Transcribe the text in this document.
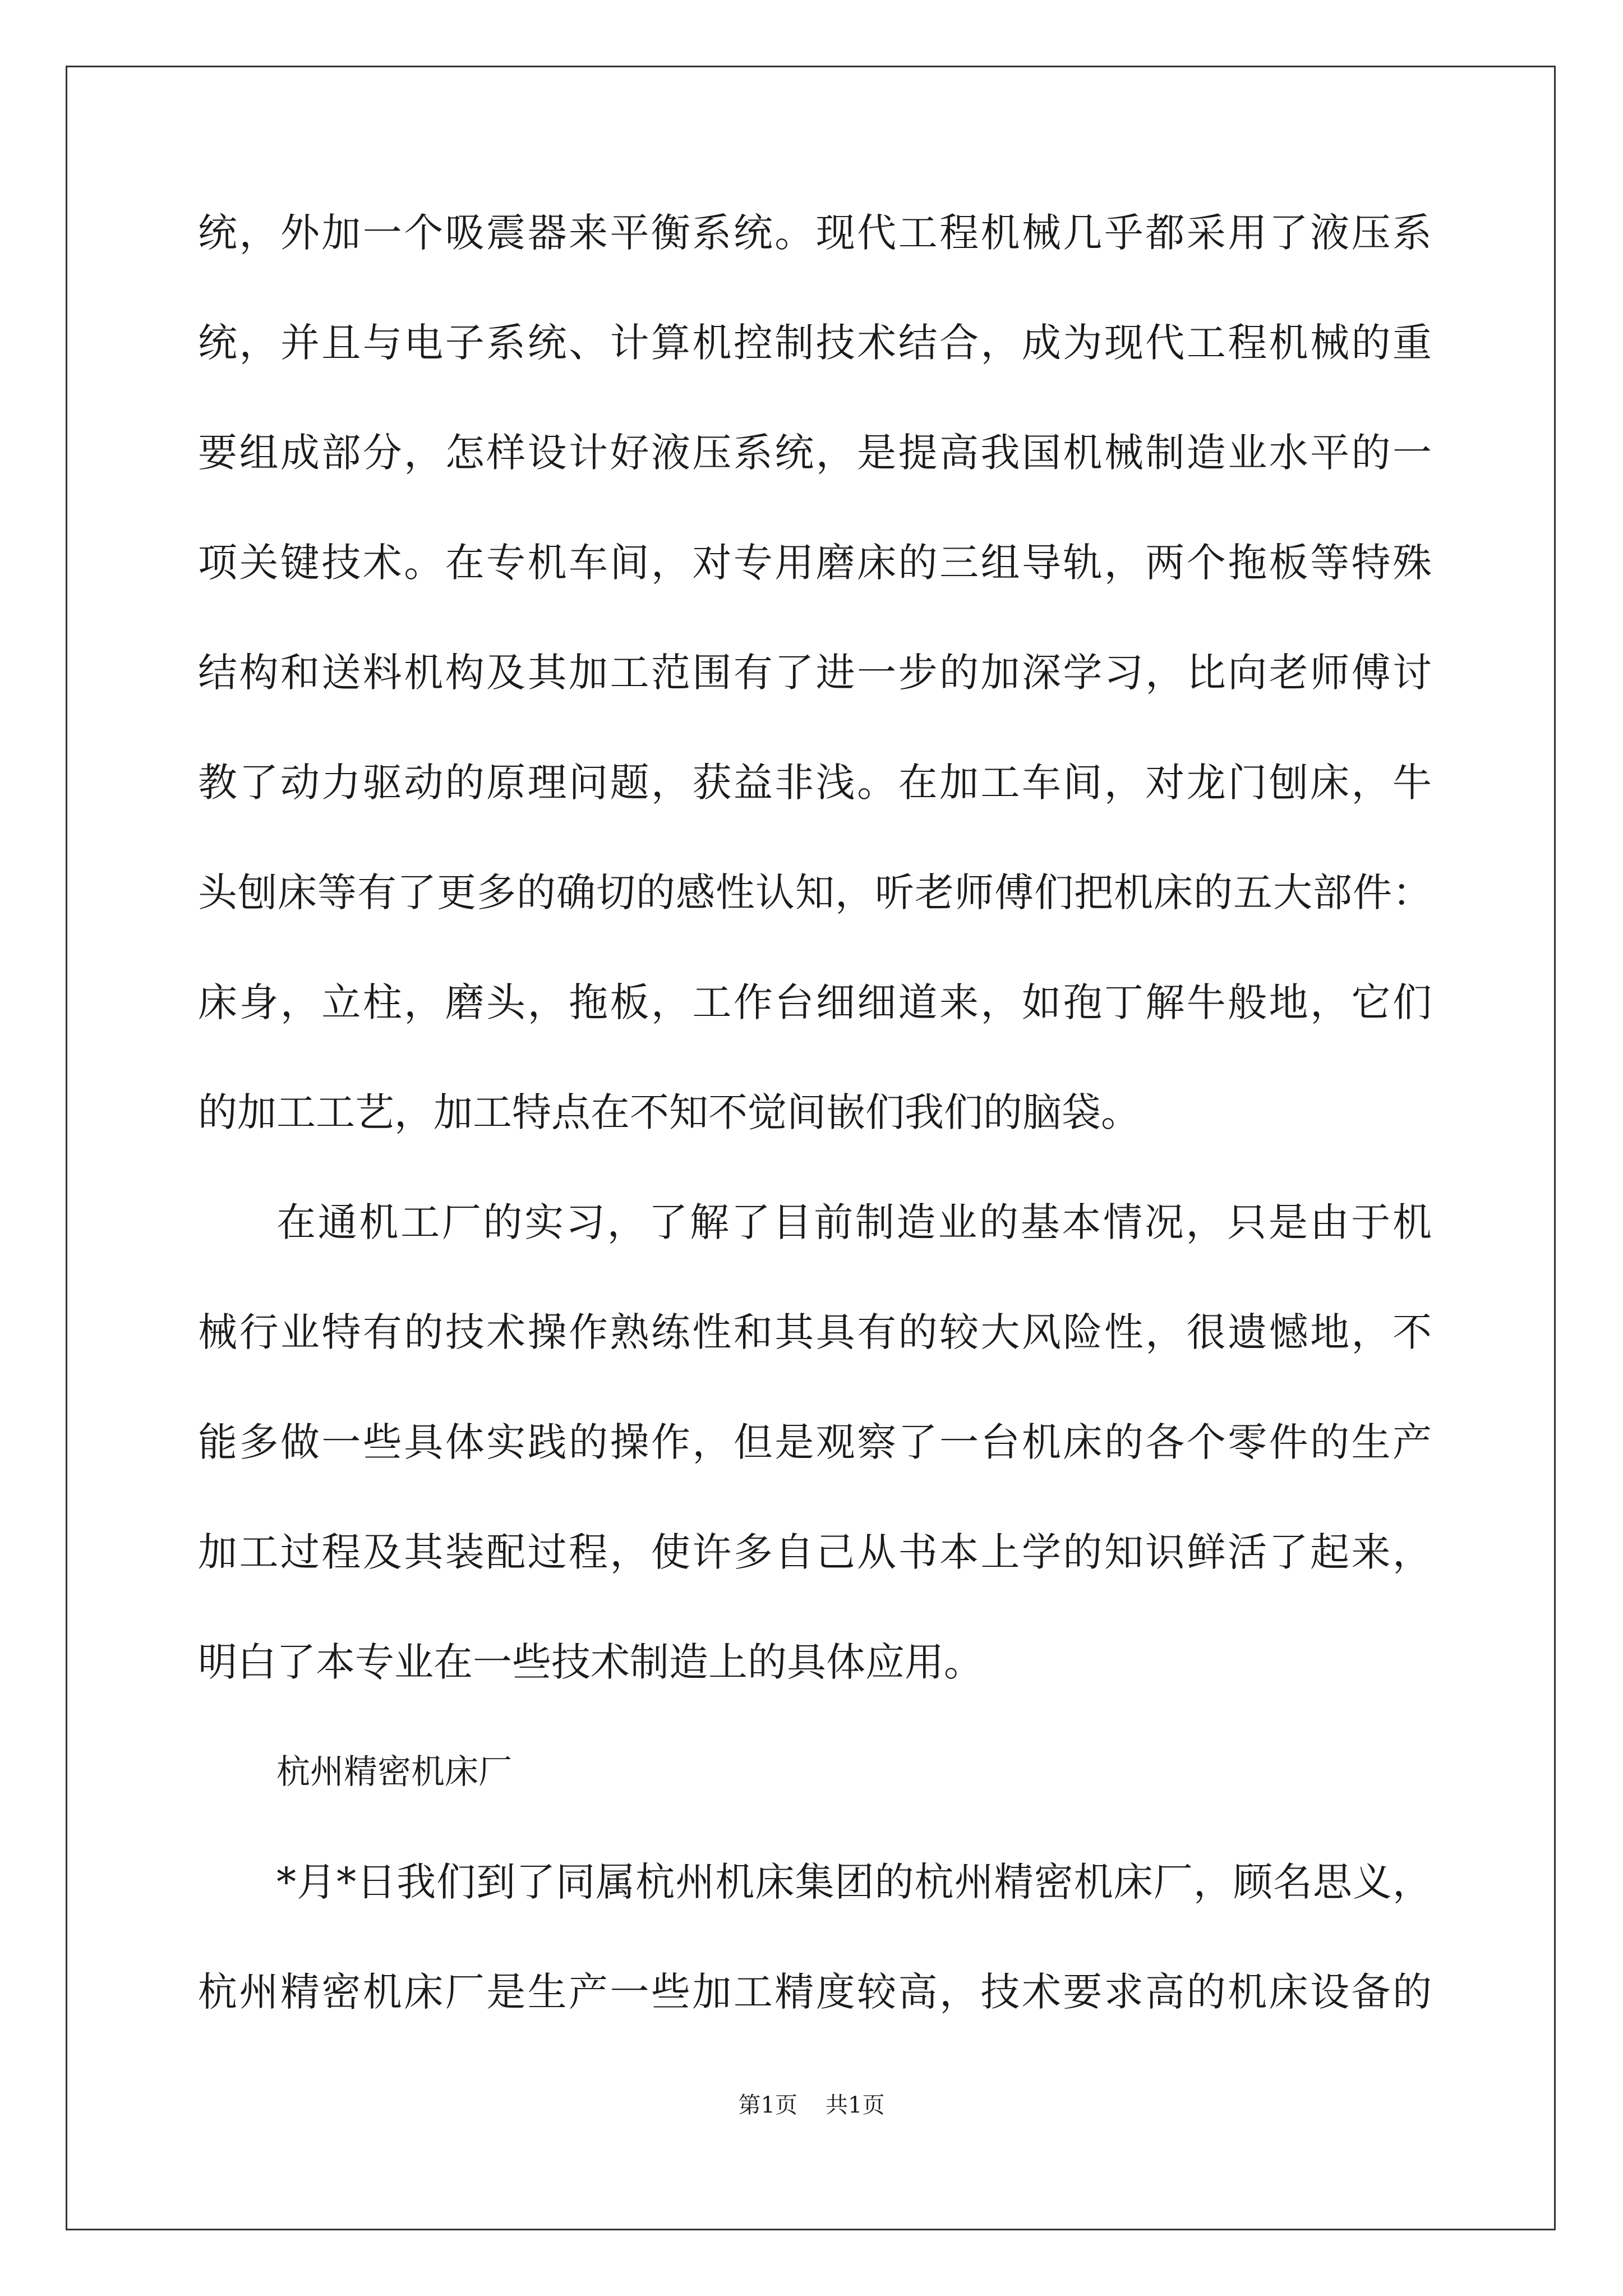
统，外加一个吸震器来平衡系统。现代工程机械几乎都采用了液压系
统，并且与电子系统、计算机控制技术结合，成为现代工程机械的重
要组成部分，怎样设计好液压系统，是提高我国机械制造业水平的一
项关键技术。在专机车间，对专用磨床的三组导轨，两个拖板等特殊
结构和送料机构及其加工范围有了进一步的加深学习，比向老师傅讨
教了动力驱动的原理问题，获益非浅。在加工车间，对龙门刨床，牛
头刨床等有了更多的确切的感性认知，听老师傅们把机床的五大部件：
床身，立柱，磨头，拖板，工作台细细道来，如孢丁解牛般地，它们
的加工工艺，加工特点在不知不觉间嵌们我们的脑袋。
在通机工厂的实习，了解了目前制造业的基本情况，只是由于机
械行业特有的技术操作熟练性和其具有的较大风险性，很遗憾地，不
能多做一些具体实践的操作，但是观察了一台机床的各个零件的生产
加工过程及其装配过程，使许多自己从书本上学的知识鲜活了起来，
明白了本专业在一些技术制造上的具体应用。
杭州精密机床厂
*月*日我们到了同属杭州机床集团的杭州精密机床厂，顾名思义，
杭州精密机床厂是生产一些加工精度较高，技术要求高的机床设备的
第1页 共1页
